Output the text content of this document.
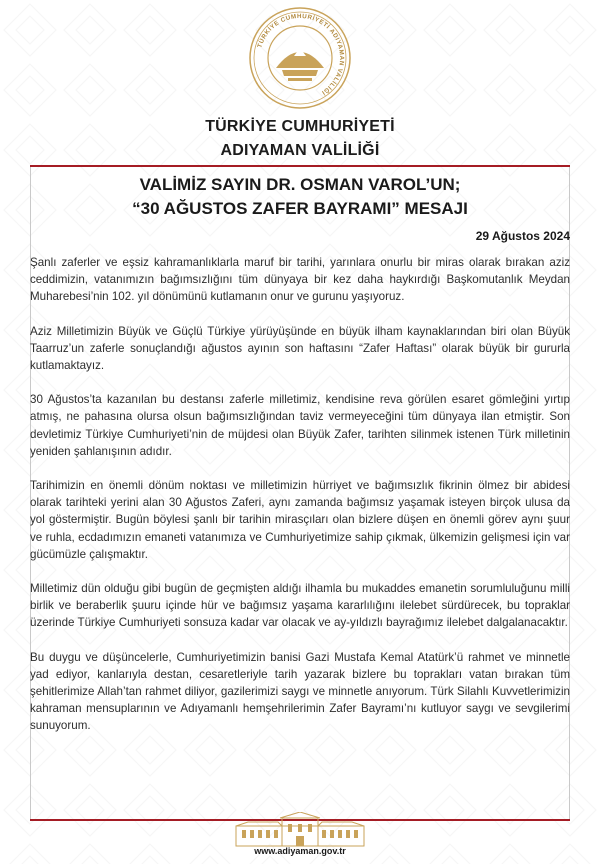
TÜRKİYE CUMHURİYETİ ADIYAMAN VALİLİĞİ
TÜRKİYE CUMHURİYETİ
ADIYAMAN VALİLİĞİ
VALİMİZ SAYIN DR. OSMAN VAROL’UN;
“30 AĞUSTOS ZAFER BAYRAMI” MESAJI
29 Ağustos 2024

Şanlı zaferler ve eşsiz kahramanlıklarla maruf bir tarihi, yarınlara onurlu bir miras olarak bırakan aziz ceddimizin, vatanımızın bağımsızlığını tüm dünyaya bir kez daha haykırdığı Başkomutanlık Meydan Muharebesi’nin 102. yıl dönümünü kutlamanın onur ve gurunu yaşıyoruz.

Aziz Milletimizin Büyük ve Güçlü Türkiye yürüyüşünde en büyük ilham kaynaklarından biri olan Büyük Taarruz’un zaferle sonuçlandığı ağustos ayının son haftasını “Zafer Haftası” olarak büyük bir gururla kutlamaktayız.

30 Ağustos’ta kazanılan bu destansı zaferle milletimiz, kendisine reva görülen esaret gömleğini yırtıp atmış, ne pahasına olursa olsun bağımsızlığından taviz vermeyeceğini tüm dünyaya ilan etmiştir. Son devletimiz Türkiye Cumhuriyeti’nin de müjdesi olan Büyük Zafer, tarihten silinmek istenen Türk milletinin yeniden şahlanışının adıdır.

Tarihimizin en önemli dönüm noktası ve milletimizin hürriyet ve bağımsızlık fikrinin ölmez bir abidesi olarak tarihteki yerini alan 30 Ağustos Zaferi, aynı zamanda bağımsız yaşamak isteyen birçok ulusa da yol göstermiştir. Bugün böylesi şanlı bir tarihin mirasçıları olan bizlere düşen en önemli görev aynı şuur ve ruhla, ecdadımızın emaneti vatanımıza ve Cumhuriyetimize sahip çıkmak, ülkemizin gelişmesi için var gücümüzle çalışmaktır.

Milletimiz dün olduğu gibi bugün de geçmişten aldığı ilhamla bu mukaddes emanetin sorumluluğunu milli birlik ve beraberlik şuuru içinde hür ve bağımsız yaşama kararlılığını ilelebet sürdürecek, bu topraklar üzerinde Türkiye Cumhuriyeti sonsuza kadar var olacak ve ay-yıldızlı bayrağımız ilelebet dalgalanacaktır.

Bu duygu ve düşüncelerle, Cumhuriyetimizin banisi Gazi Mustafa Kemal Atatürk’ü rahmet ve minnetle yad ediyor, kanlarıyla destan, cesaretleriyle tarih yazarak bizlere bu toprakları vatan bırakan tüm şehitlerimize Allah’tan rahmet diliyor, gazilerimizi saygı ve minnetle anıyorum. Türk Silahlı Kuvvetlerimizin kahraman mensuplarının ve Adıyamanlı hemşehrilerimin Zafer Bayramı’nı kutluyor saygı ve sevgilerimi sunuyorum.

www.adiyaman.gov.tr
